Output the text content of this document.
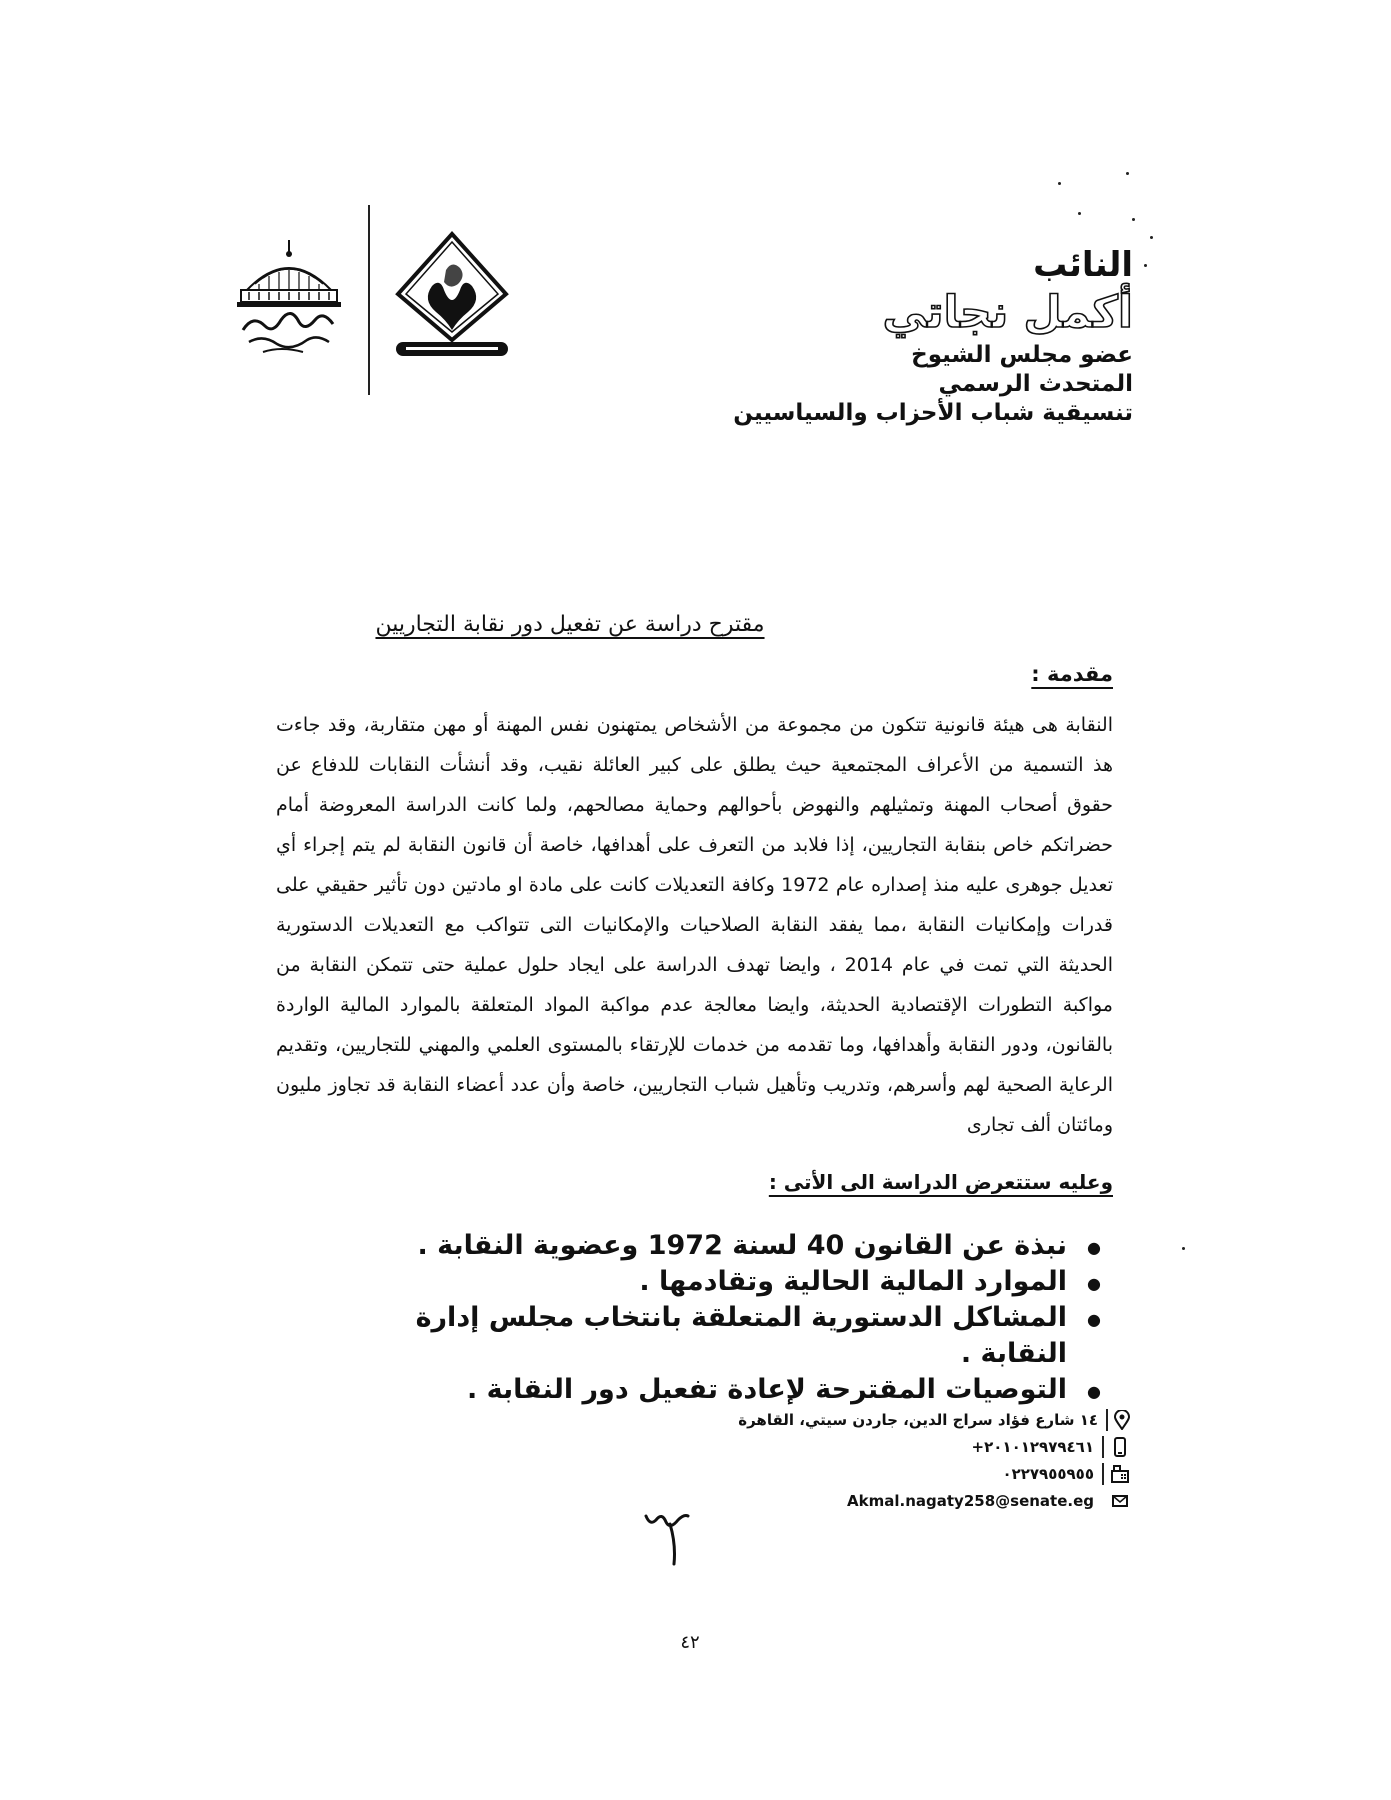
النائب
أكمل نجاتي
عضو مجلس الشيوخ
المتحدث الرسمي
تنسيقية شباب الأحزاب والسياسيين
مقترح دراسة عن تفعيل دور نقابة التجاريين
مقدمة :
النقابة هى هيئة قانونية تتكون من مجموعة من الأشخاص يمتهنون نفس المهنة أو مهن متقاربة، وقد جاءت هذ التسمية من الأعراف المجتمعية حيث يطلق على كبير العائلة نقيب، وقد أنشأت النقابات للدفاع عن حقوق أصحاب المهنة وتمثيلهم والنهوض بأحوالهم وحماية مصالحهم، ولما كانت الدراسة المعروضة أمام حضراتكم خاص بنقابة التجاريين، إذا فلابد من التعرف على أهدافها، خاصة أن قانون النقابة لم يتم إجراء أي تعديل جوهرى عليه منذ إصداره عام 1972 وكافة التعديلات كانت على مادة او مادتين دون تأثير حقيقي على قدرات وإمكانيات النقابة ،مما يفقد النقابة الصلاحيات والإمكانيات التى تتواكب مع التعديلات الدستورية الحديثة التي تمت في عام 2014 ، وايضا تهدف الدراسة على ايجاد حلول عملية حتى تتمكن النقابة من مواكبة التطورات الإقتصادية الحديثة، وايضا معالجة عدم مواكبة المواد المتعلقة بالموارد المالية الواردة بالقانون، ودور النقابة وأهدافها، وما تقدمه من خدمات للإرتقاء بالمستوى العلمي والمهني للتجاريين، وتقديم الرعاية الصحية لهم وأسرهم، وتدريب وتأهيل شباب التجاريين، خاصة وأن عدد أعضاء النقابة قد تجاوز مليون ومائتان ألف تجارى
وعليه ستتعرض الدراسة الى الأتى :
● نبذة عن القانون 40 لسنة 1972 وعضوية النقابة .
● الموارد المالية الحالية وتقادمها .
● المشاكل الدستورية المتعلقة بانتخاب مجلس إدارة النقابة .
● التوصيات المقترحة لإعادة تفعيل دور النقابة .
١٤ شارع فؤاد سراج الدين، جاردن سيتي، القاهرة
+٢٠١٠١٢٩٧٩٤٦١
٠٢٢٧٩٥٥٩٥٥
Akmal.nagaty258@senate.eg
٤٢
